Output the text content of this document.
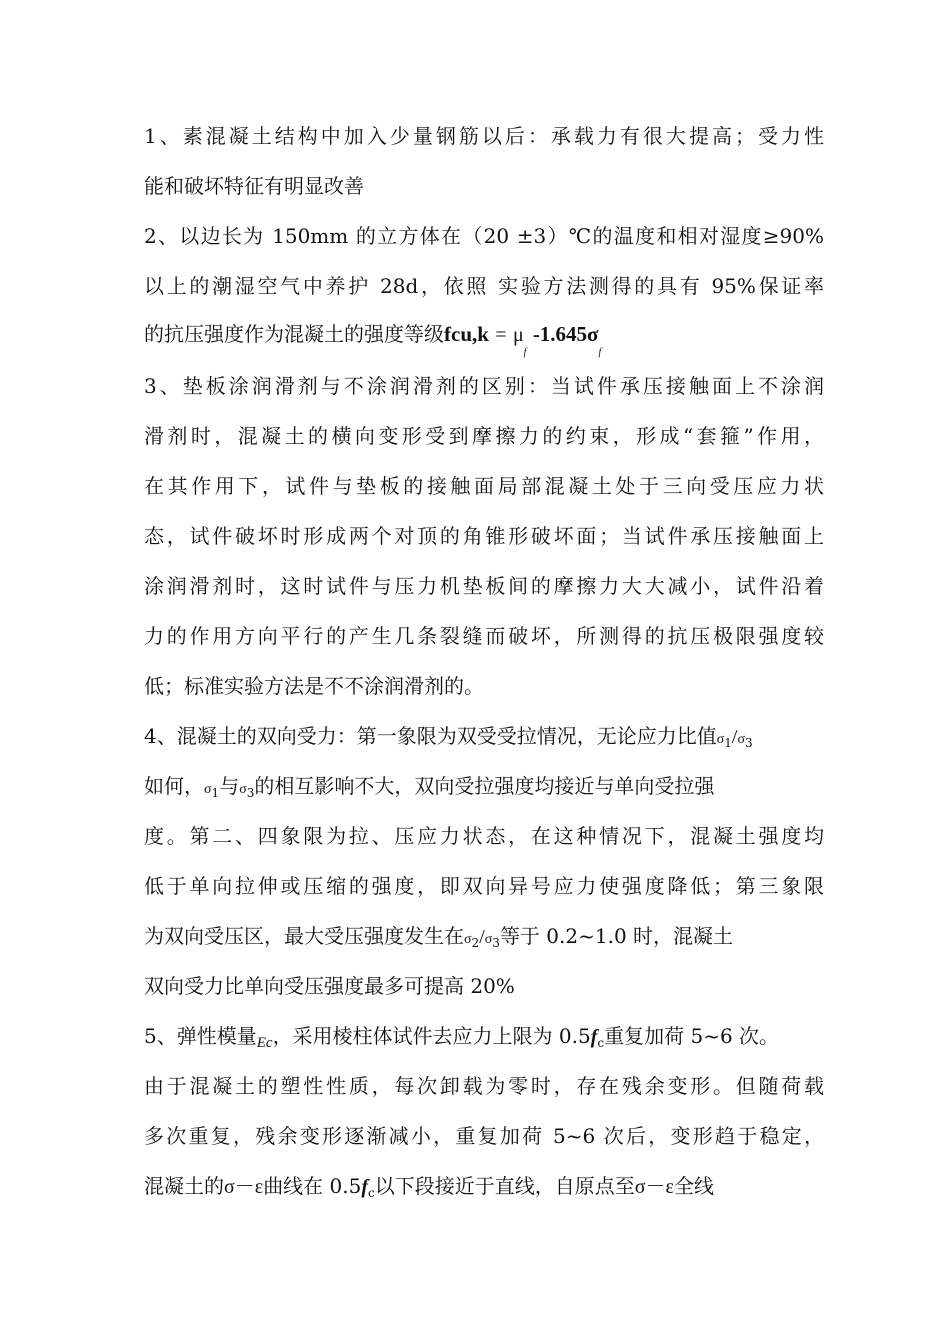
1、素混凝土结构中加入少量钢筋以后：承载力有很大提高；受力性
能和破坏特征有明显改善
2、以边长为 150mm 的立方体在（20 ±3）℃的温度和相对湿度≥90%
以上的潮湿空气中养护 28d，依照 实验方法测得的具有 95%保证率
的抗压强度作为混凝土的强度等级$fcu,k = \mu_f$ $-1.645\sigma_f$
3、垫板涂润滑剂与不涂润滑剂的区别：当试件承压接触面上不涂润
滑剂时，混凝土的横向变形受到摩擦力的约束，形成“套箍”作用，
在其作用下，试件与垫板的接触面局部混凝土处于三向受压应力状
态，试件破坏时形成两个对顶的角锥形破坏面；当试件承压接触面上
涂润滑剂时，这时试件与压力机垫板间的摩擦力大大减小，试件沿着
力的作用方向平行的产生几条裂缝而破坏，所测得的抗压极限强度较
低；标准实验方法是不不涂润滑剂的。
4、混凝土的双向受力：第一象限为双受受拉情况，无论应力比值$\sigma_1/\sigma_3$
如何，$\sigma_1$与$\sigma_3$的相互影响不大，双向受拉强度均接近与单向受拉强
度。第二、四象限为拉、压应力状态，在这种情况下，混凝土强度均
低于单向拉伸或压缩的强度，即双向异号应力使强度降低；第三象限
为双向受压区，最大受压强度发生在$\sigma_2/\sigma_3$等于 0.2~1.0 时，混凝土
双向受力比单向受压强度最多可提高 20%
5、弹性模量$_{Ec}$，采用棱柱体试件去应力上限为 $0.5f_c$重复加荷 5~6 次。
由于混凝土的塑性性质，每次卸载为零时，存在残余变形。但随荷载
多次重复，残余变形逐渐减小，重复加荷 5~6 次后，变形趋于稳定，
混凝土的σ－ε曲线在 $0.5f_c$以下段接近于直线，自原点至σ－ε全线
